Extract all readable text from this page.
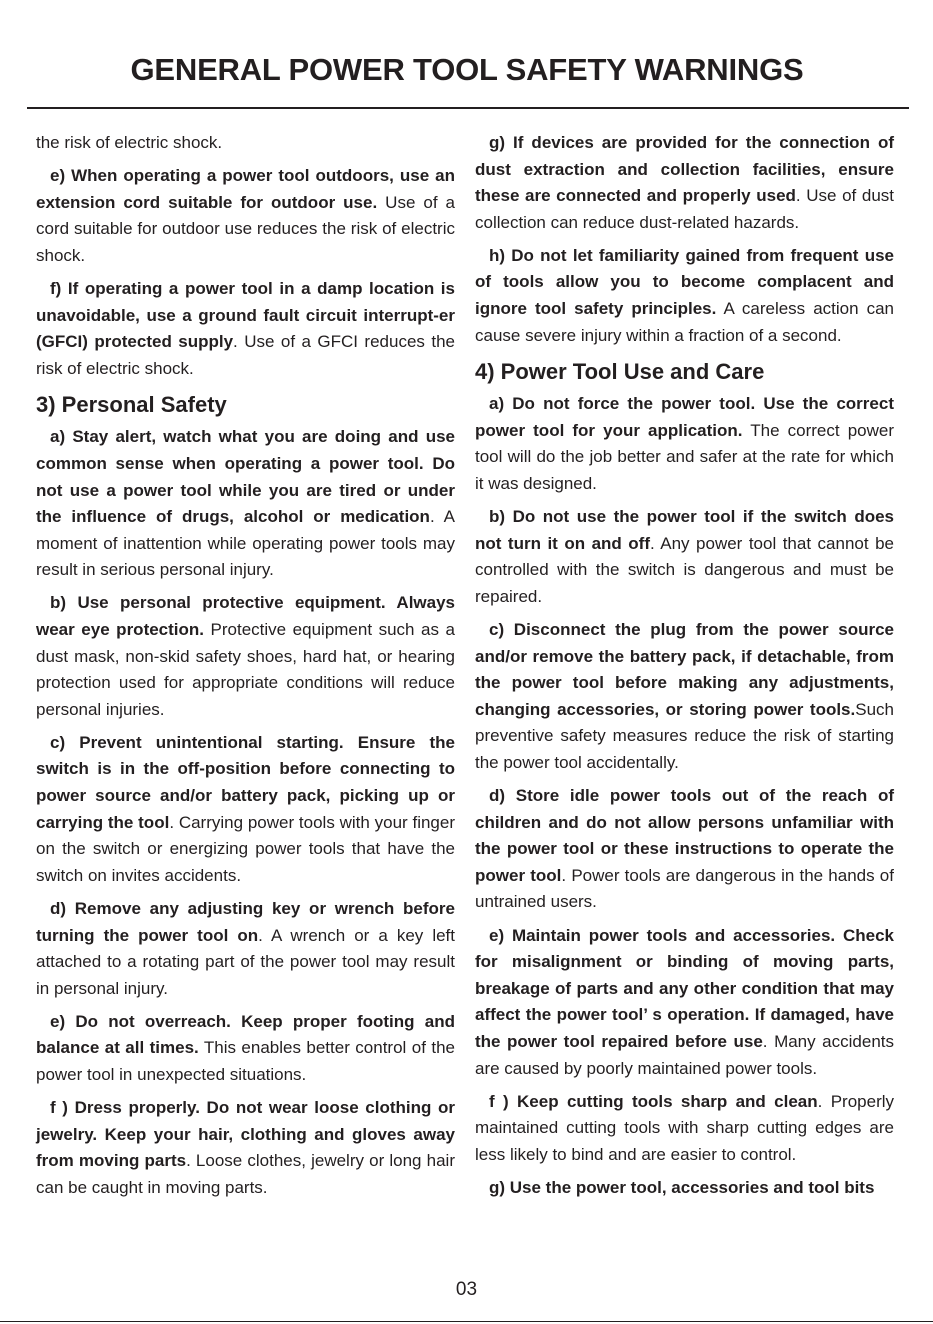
GENERAL POWER TOOL SAFETY WARNINGS

the risk of electric shock.

e) When operating a power tool outdoors, use an extension cord suitable for outdoor use. Use of a cord suitable for outdoor use reduces the risk of electric shock.

f) If operating a power tool in a damp location is unavoidable, use a ground fault circuit interrupt-er (GFCI) protected supply. Use of a GFCI reduces the risk of electric shock.

3) Personal Safety

a) Stay alert, watch what you are doing and use common sense when operating a power tool. Do not use a power tool while you are tired or under the influence of drugs, alcohol or medication. A moment of inattention while operating power tools may result in serious personal injury.

b) Use personal protective equipment. Always wear eye protection. Protective equipment such as a dust mask, non-skid safety shoes, hard hat, or hearing protection used for appropriate conditions will reduce personal injuries.

c) Prevent unintentional starting. Ensure the switch is in the off-position before connecting to power source and/or battery pack, picking up or carrying the tool. Carrying power tools with your finger on the switch or energizing power tools that have the switch on invites accidents.

d) Remove any adjusting key or wrench before turning the power tool on. A wrench or a key left attached to a rotating part of the power tool may result in personal injury.

e) Do not overreach. Keep proper footing and balance at all times. This enables better control of the power tool in unexpected situations.

f ) Dress properly. Do not wear loose clothing or jewelry. Keep your hair, clothing and gloves away from moving parts. Loose clothes, jewelry or long hair can be caught in moving parts.

g) If devices are provided for the connection of dust extraction and collection facilities, ensure these are connected and properly used. Use of dust collection can reduce dust-related hazards.

h) Do not let familiarity gained from frequent use of tools allow you to become complacent and ignore tool safety principles. A careless action can cause severe injury within a fraction of a second.

4) Power Tool Use and Care

a) Do not force the power tool. Use the correct power tool for your application. The correct power tool will do the job better and safer at the rate for which it was designed.

b) Do not use the power tool if the switch does not turn it on and off. Any power tool that cannot be controlled with the switch is dangerous and must be repaired.

c) Disconnect the plug from the power source and/or remove the battery pack, if detachable, from the power tool before making any adjustments, changing accessories, or storing power tools.Such preventive safety measures reduce the risk of starting the power tool accidentally.

d) Store idle power tools out of the reach of children and do not allow persons unfamiliar with the power tool or these instructions to operate the power tool. Power tools are dangerous in the hands of untrained users.

e) Maintain power tools and accessories. Check for misalignment or binding of moving parts, breakage of parts and any other condition that may affect the power tool’ s operation. If damaged, have the power tool repaired before use. Many accidents are caused by poorly maintained power tools.

f ) Keep cutting tools sharp and clean. Properly maintained cutting tools with sharp cutting edges are less likely to bind and are easier to control.

g) Use the power tool, accessories and tool bits

03
